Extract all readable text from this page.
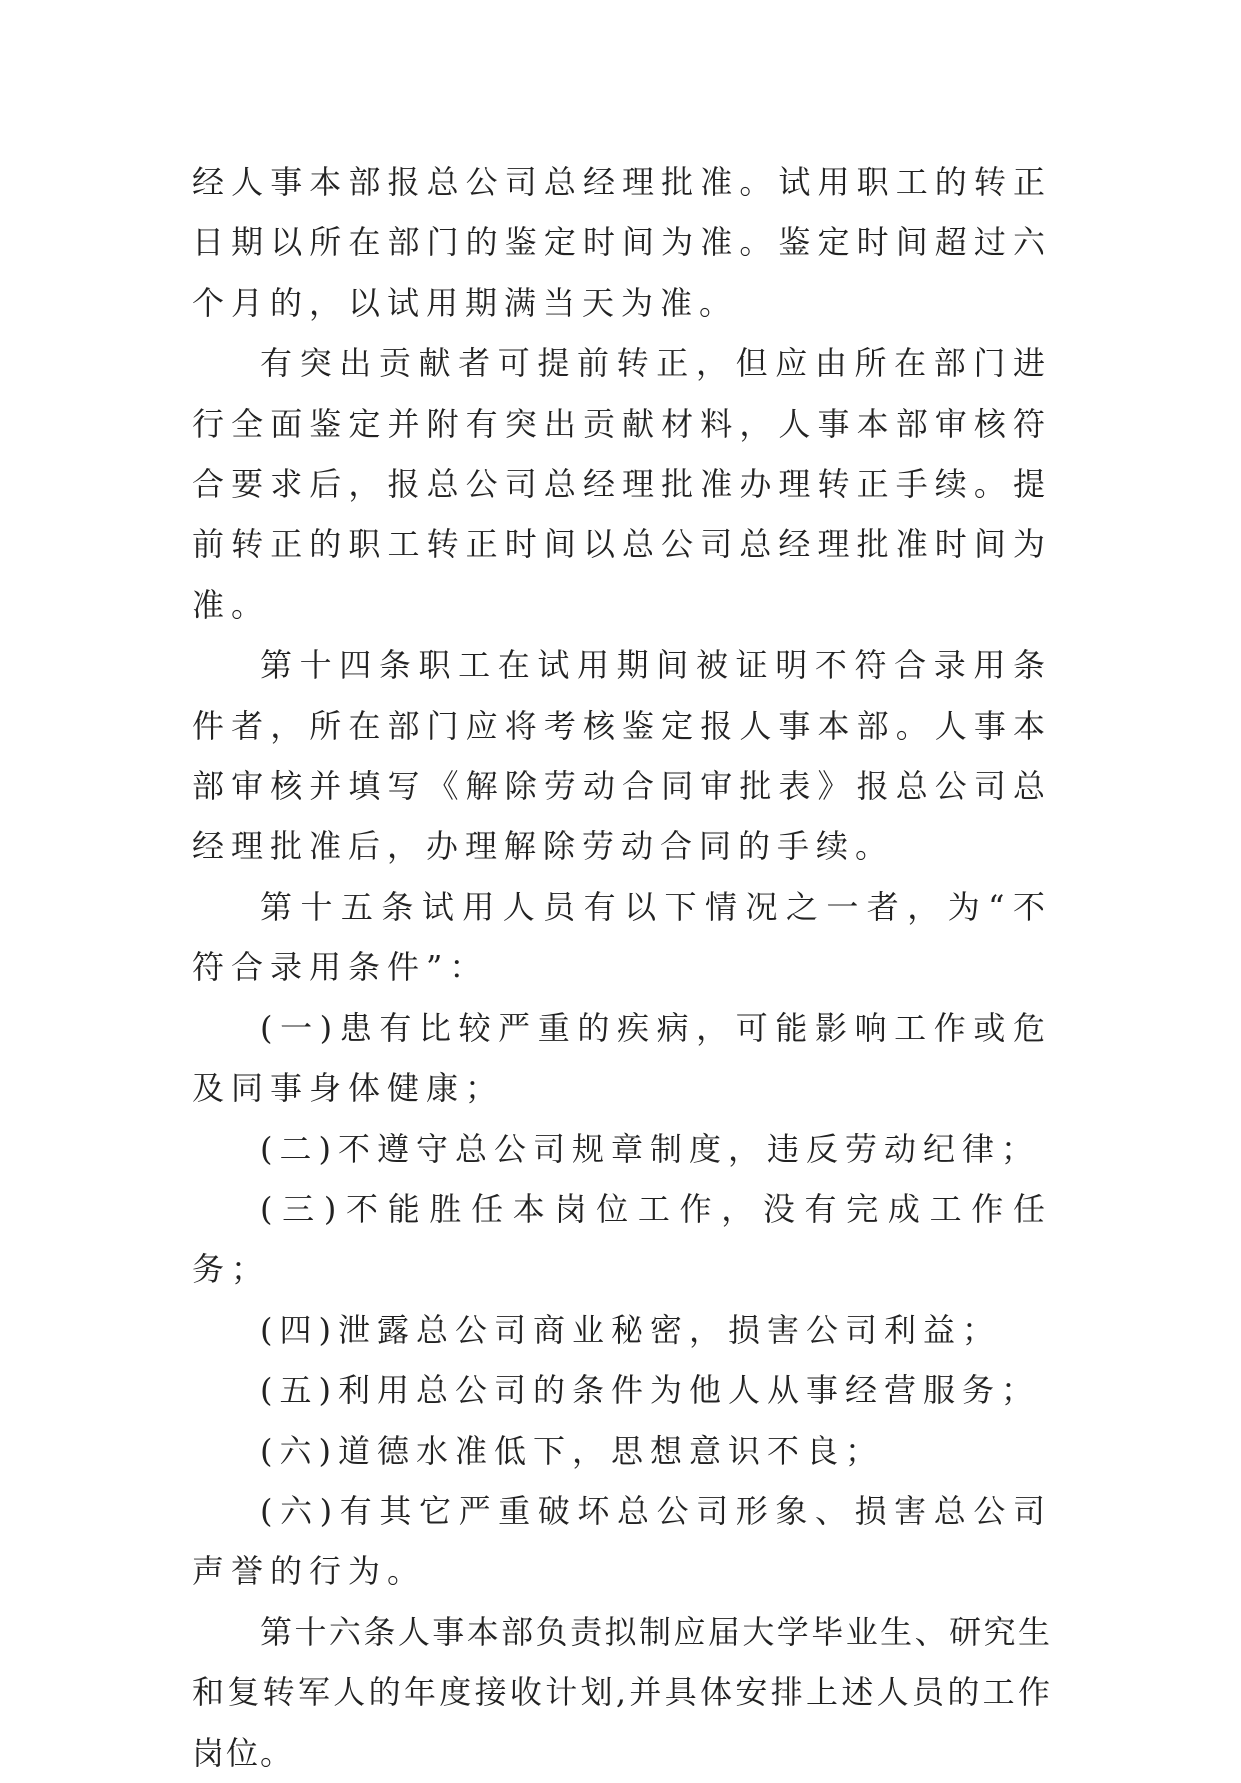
经人事本部报总公司总经理批准。试用职工的转正日期以所在部门的鉴定时间为准。鉴定时间超过六个月的，以试用期满当天为准。

有突出贡献者可提前转正，但应由所在部门进行全面鉴定并附有突出贡献材料，人事本部审核符合要求后，报总公司总经理批准办理转正手续。提前转正的职工转正时间以总公司总经理批准时间为准。

第十四条职工在试用期间被证明不符合录用条件者，所在部门应将考核鉴定报人事本部。人事本部审核并填写《解除劳动合同审批表》报总公司总经理批准后，办理解除劳动合同的手续。

第十五条试用人员有以下情况之一者，为“不符合录用条件”：

(一)患有比较严重的疾病，可能影响工作或危及同事身体健康；

(二)不遵守总公司规章制度，违反劳动纪律；

(三)不能胜任本岗位工作，没有完成工作任务；

(四)泄露总公司商业秘密，损害公司利益；

(五)利用总公司的条件为他人从事经营服务；

(六)道德水准低下，思想意识不良；

(六)有其它严重破坏总公司形象、损害总公司声誉的行为。

第十六条人事本部负责拟制应届大学毕业生、研究生和复转军人的年度接收计划,并具体安排上述人员的工作岗位。
